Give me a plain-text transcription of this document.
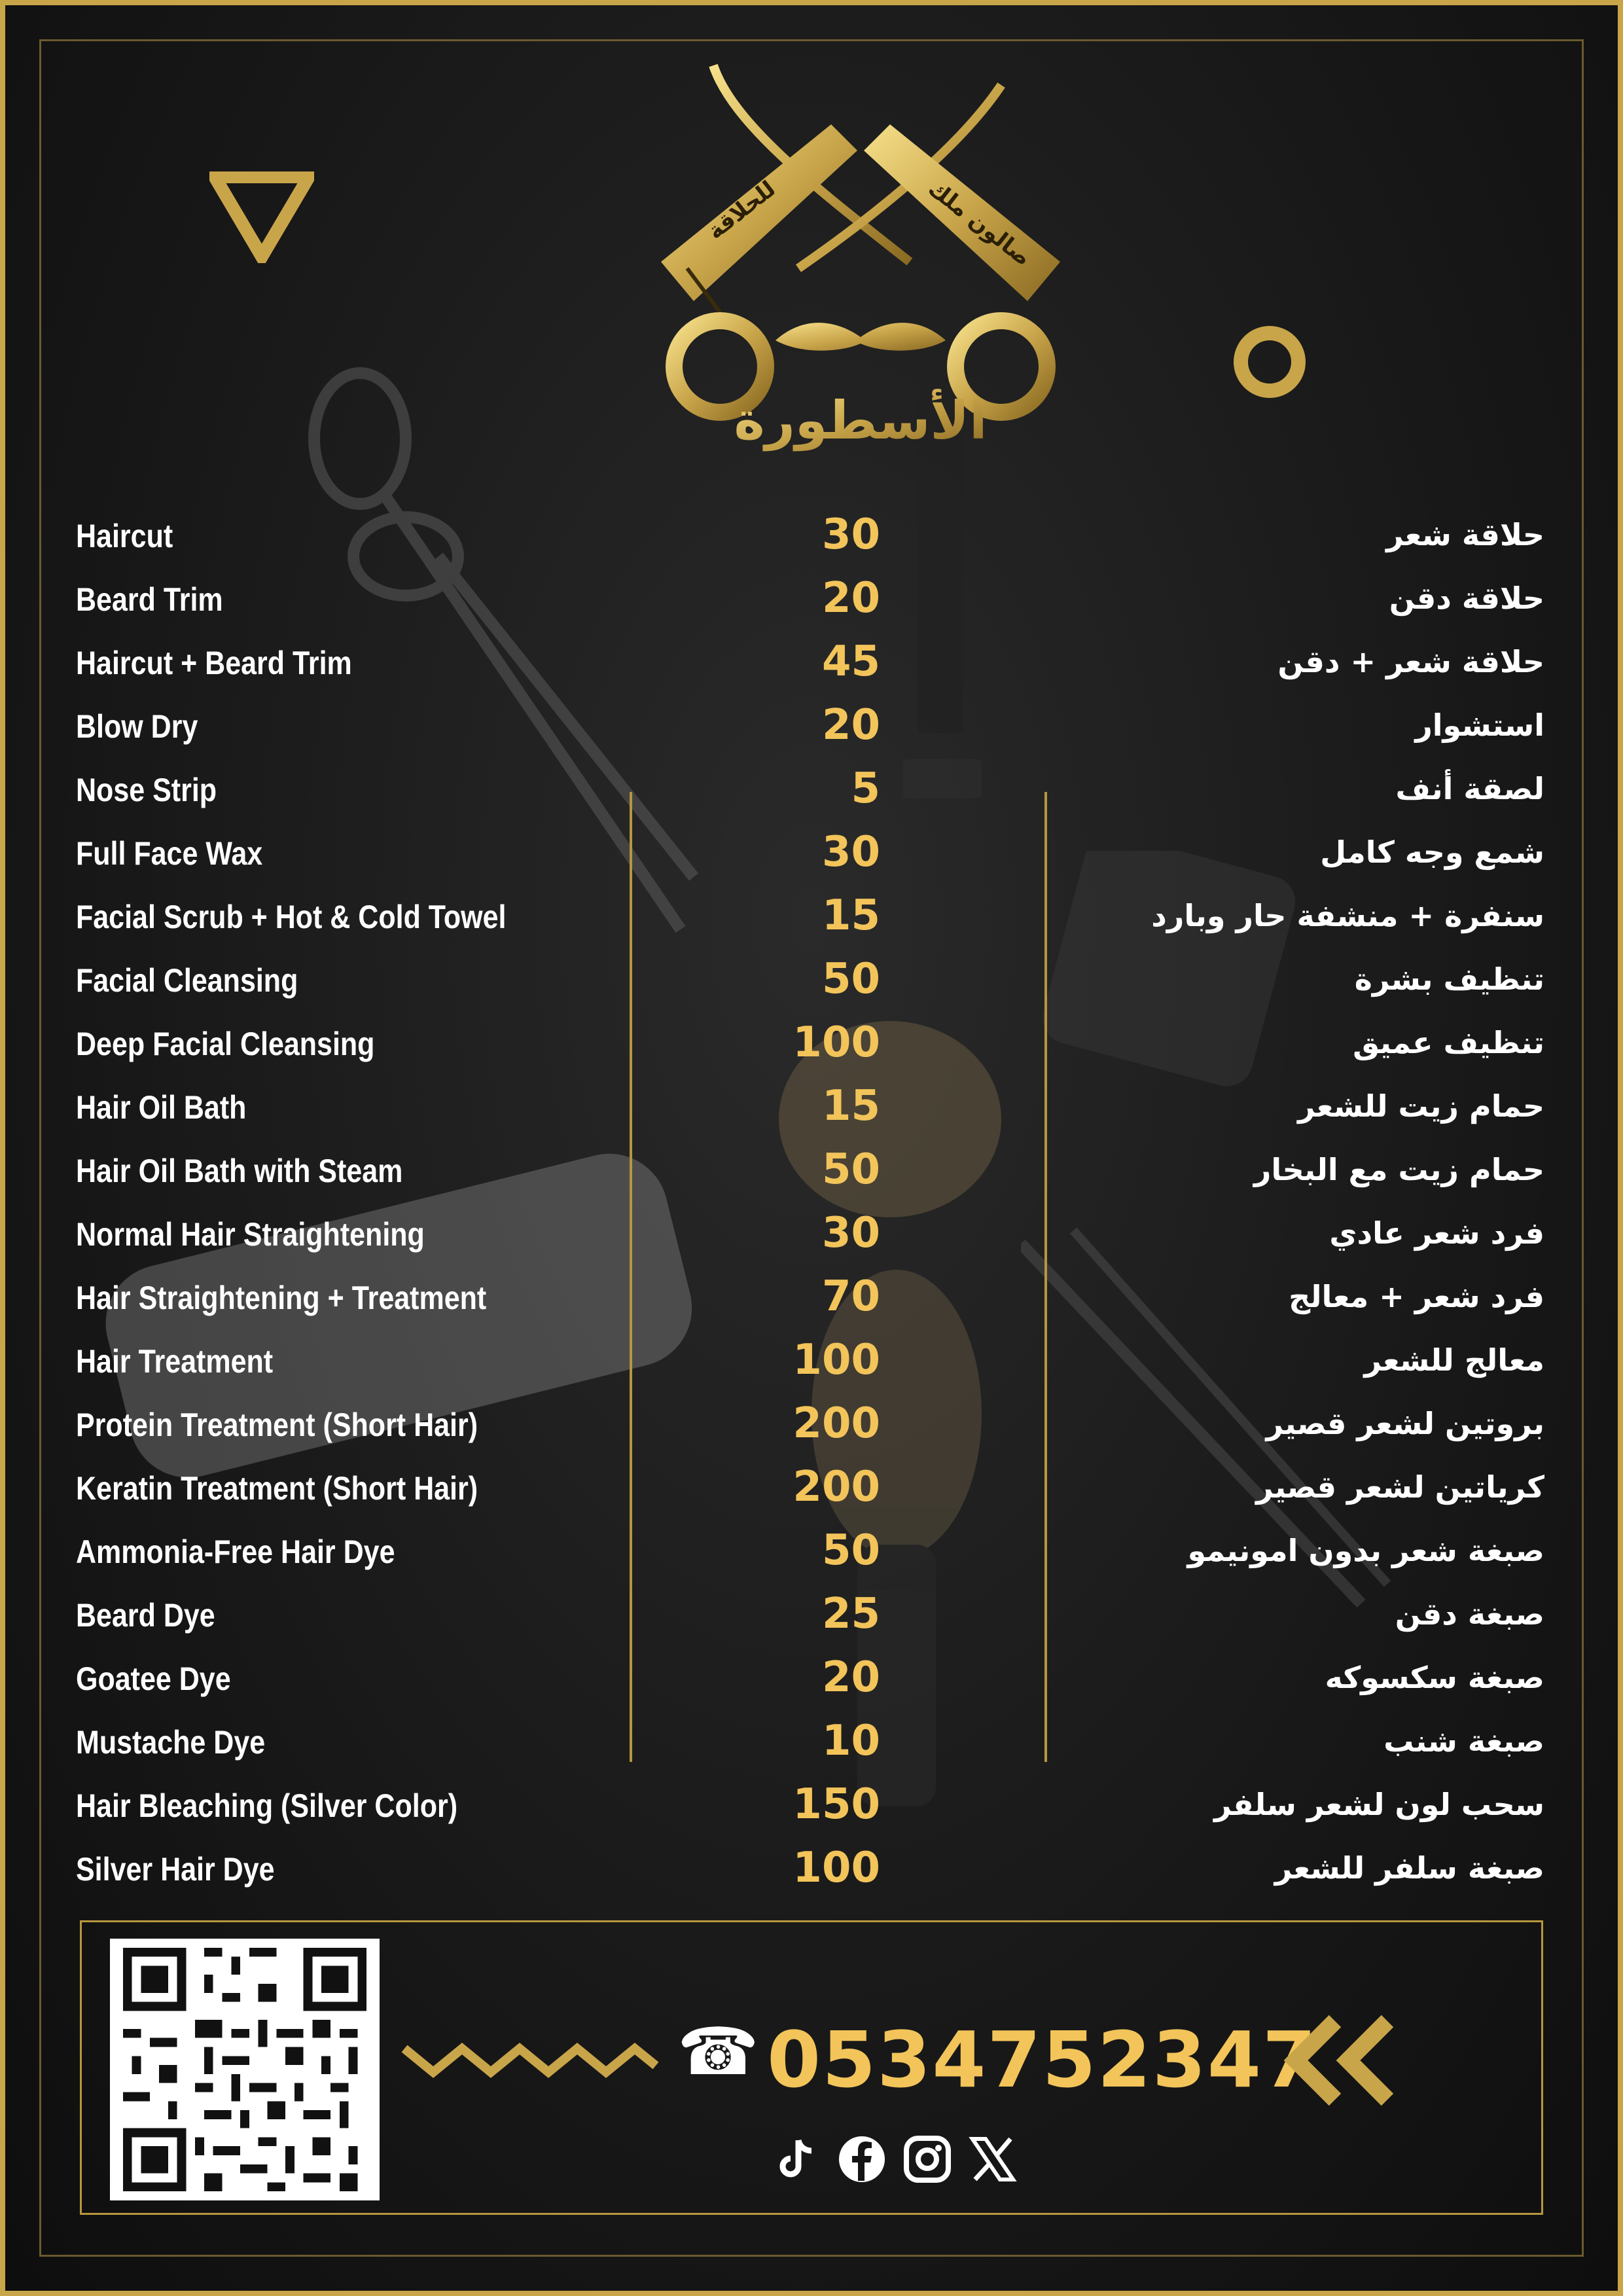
الأسطورة
للحلاقة	صالون ملك
Haircut	30	حلاقة شعر
Beard Trim	20	حلاقة دقن
Haircut + Beard Trim	45	حلاقة شعر + دقن
Blow Dry	20	استشوار
Nose Strip	5	لصقة أنف
Full Face Wax	30	شمع وجه كامل
Facial Scrub + Hot & Cold Towel	15	سنفرة + منشفة حار وبارد
Facial Cleansing	50	تنظيف بشرة
Deep Facial Cleansing	100	تنظيف عميق
Hair Oil Bath	15	حمام زيت للشعر
Hair Oil Bath with Steam	50	حمام زيت مع البخار
Normal Hair Straightening	30	فرد شعر عادي
Hair Straightening + Treatment	70	فرد شعر + معالج
Hair Treatment	100	معالج للشعر
Protein Treatment (Short Hair)	200	بروتين لشعر قصير
Keratin Treatment (Short Hair)	200	كرياتين لشعر قصير
Ammonia-Free Hair Dye	50	صبغة شعر بدون امونيمو
Beard Dye	25	صبغة دقن
Goatee Dye	20	صبغة سكسوكه
Mustache Dye	10	صبغة شنب
Hair Bleaching (Silver Color)	150	سحب لون لشعر سلفر
Silver Hair Dye	100	صبغة سلفر للشعر
☎ 0534752347
